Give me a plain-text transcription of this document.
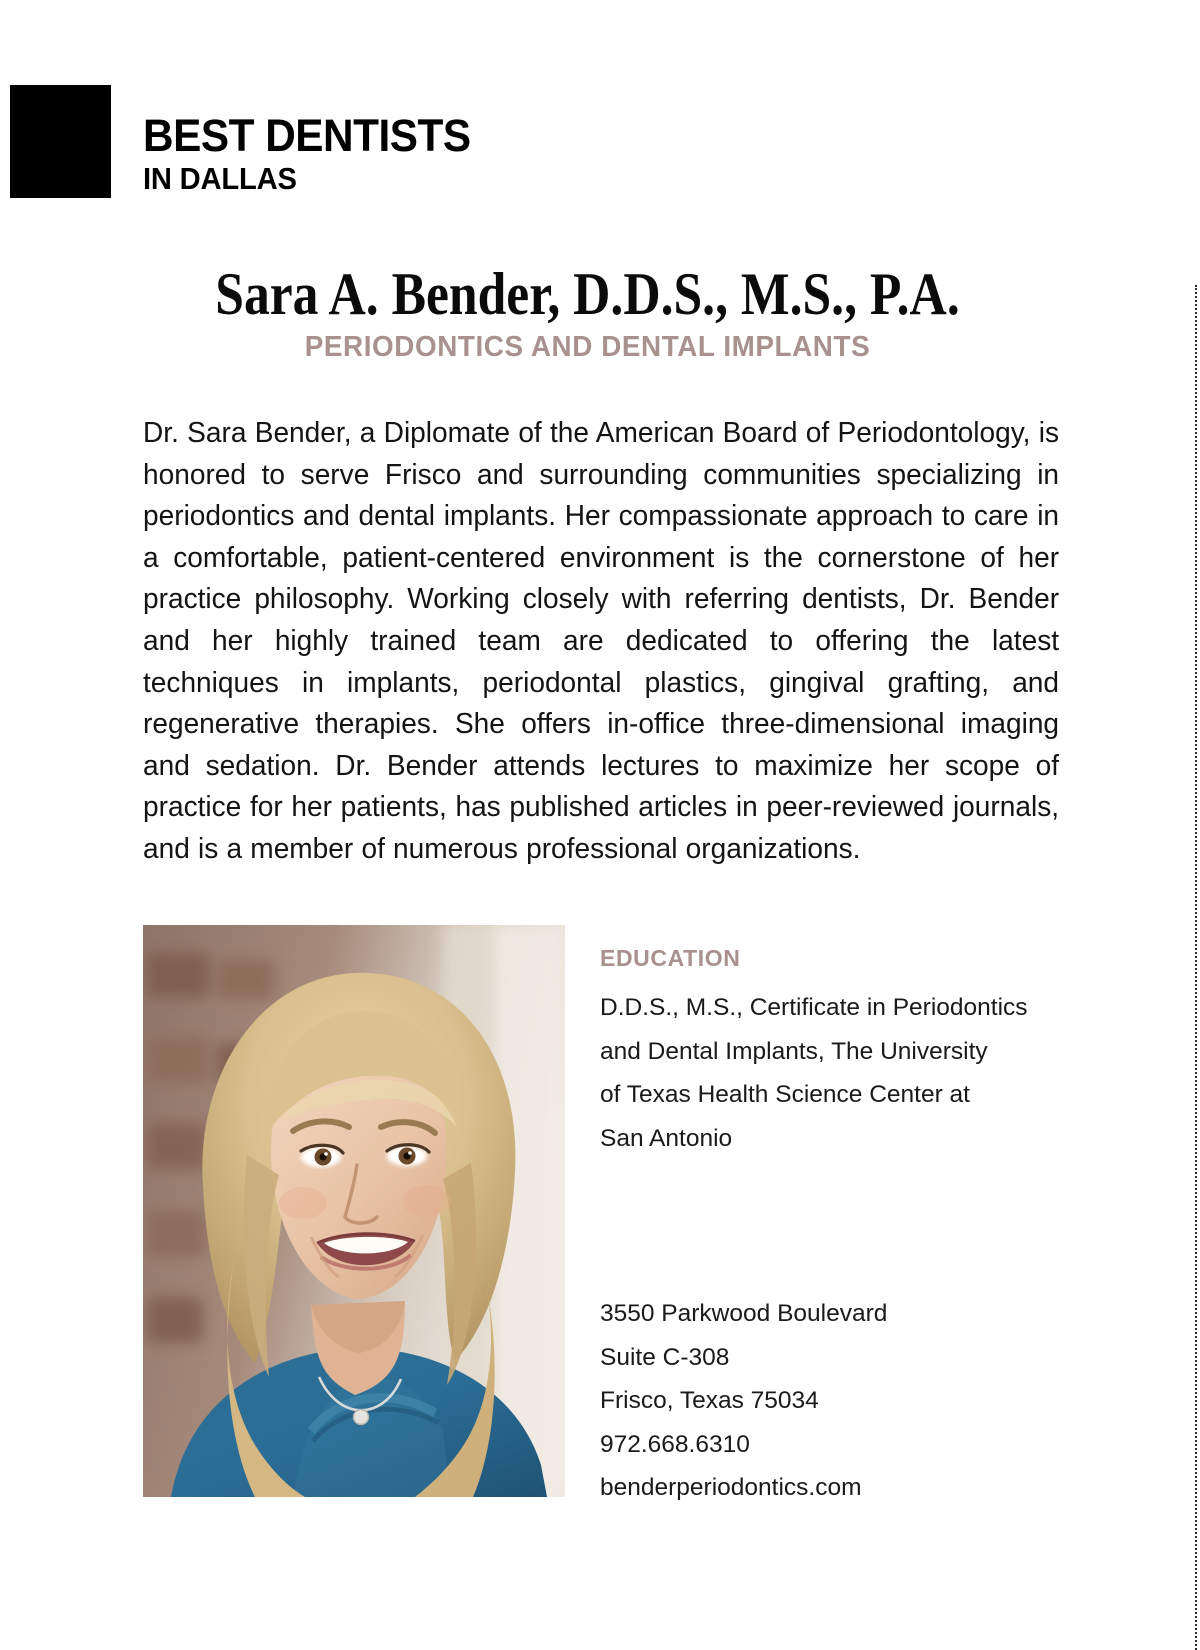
BEST DENTISTS
IN DALLAS
Sara A. Bender, D.D.S., M.S., P.A.
PERIODONTICS AND DENTAL IMPLANTS
Dr. Sara Bender, a Diplomate of the American Board of Periodontology, is honored to serve Frisco and surrounding communities specializing in periodontics and dental implants. Her compassionate approach to care in a comfortable, patient-centered environment is the cornerstone of her practice philosophy. Working closely with referring dentists, Dr. Bender and her highly trained team are dedicated to offering the latest techniques in implants, periodontal plastics, gingival grafting, and regenerative therapies. She offers in-office three-dimensional imaging and sedation. Dr. Bender attends lectures to maximize her scope of practice for her patients, has published articles in peer-reviewed journals, and is a member of numerous professional organizations.
EDUCATION
D.D.S., M.S., Certificate in Periodontics
and Dental Implants, The University
of Texas Health Science Center at
San Antonio
3550 Parkwood Boulevard
Suite C-308
Frisco, Texas 75034
972.668.6310
benderperiodontics.com
